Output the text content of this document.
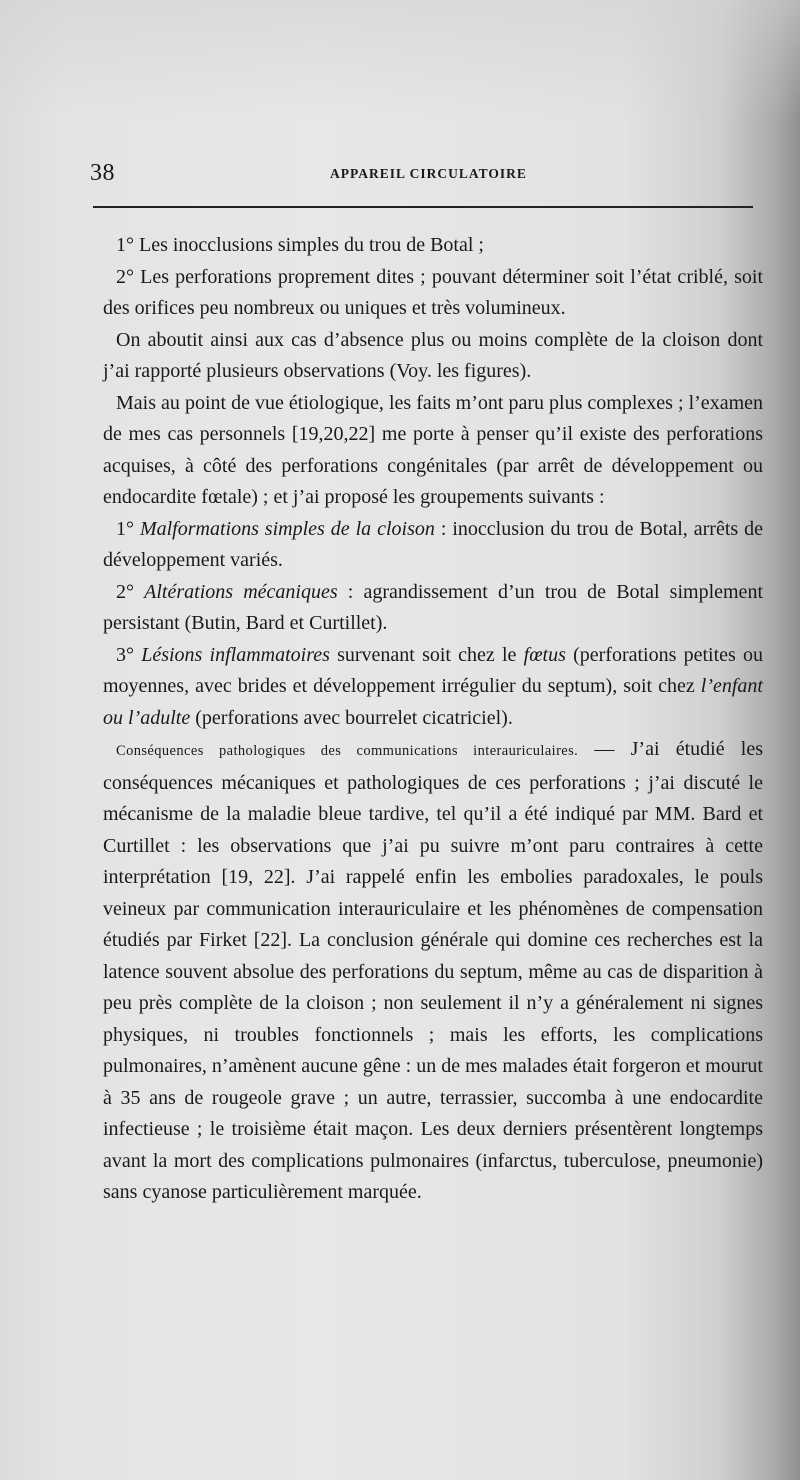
38	APPAREIL CIRCULATOIRE

1° Les inocclusions simples du trou de Botal ;

2° Les perforations proprement dites ; pouvant déterminer soit l’état criblé, soit des orifices peu nombreux ou uniques et très volumineux.

On aboutit ainsi aux cas d’absence plus ou moins complète de la cloison dont j’ai rapporté plusieurs observations (Voy. les figures).

Mais au point de vue étiologique, les faits m’ont paru plus complexes ; l’examen de mes cas personnels [19,20,22] me porte à penser qu’il existe des perforations acquises, à côté des perforations congénitales (par arrêt de développement ou endocardite fœtale) ; et j’ai proposé les groupements suivants :

1° Malformations simples de la cloison : inocclusion du trou de Botal, arrêts de développement variés.

2° Altérations mécaniques : agrandissement d’un trou de Botal simplement persistant (Butin, Bard et Curtillet).

3° Lésions inflammatoires survenant soit chez le fœtus (perforations petites ou moyennes, avec brides et développement irrégulier du septum), soit chez l’enfant ou l’adulte (perforations avec bourrelet cicatriciel).

Conséquences pathologiques des communications interauriculaires. — J’ai étudié les conséquences mécaniques et pathologiques de ces perforations ; j’ai discuté le mécanisme de la maladie bleue tardive, tel qu’il a été indiqué par MM. Bard et Curtillet : les observations que j’ai pu suivre m’ont paru contraires à cette interprétation [19, 22]. J’ai rappelé enfin les embolies paradoxales, le pouls veineux par communication interauriculaire et les phénomènes de compensation étudiés par Firket [22]. La conclusion générale qui domine ces recherches est la latence souvent absolue des perforations du septum, même au cas de disparition à peu près complète de la cloison ; non seulement il n’y a généralement ni signes physiques, ni troubles fonctionnels ; mais les efforts, les complications pulmonaires, n’amènent aucune gêne : un de mes malades était forgeron et mourut à 35 ans de rougeole grave ; un autre, terrassier, succomba à une endocardite infectieuse ; le troisième était maçon. Les deux derniers présentèrent longtemps avant la mort des complications pulmonaires (infarctus, tuberculose, pneumonie) sans cyanose particulièrement marquée.
